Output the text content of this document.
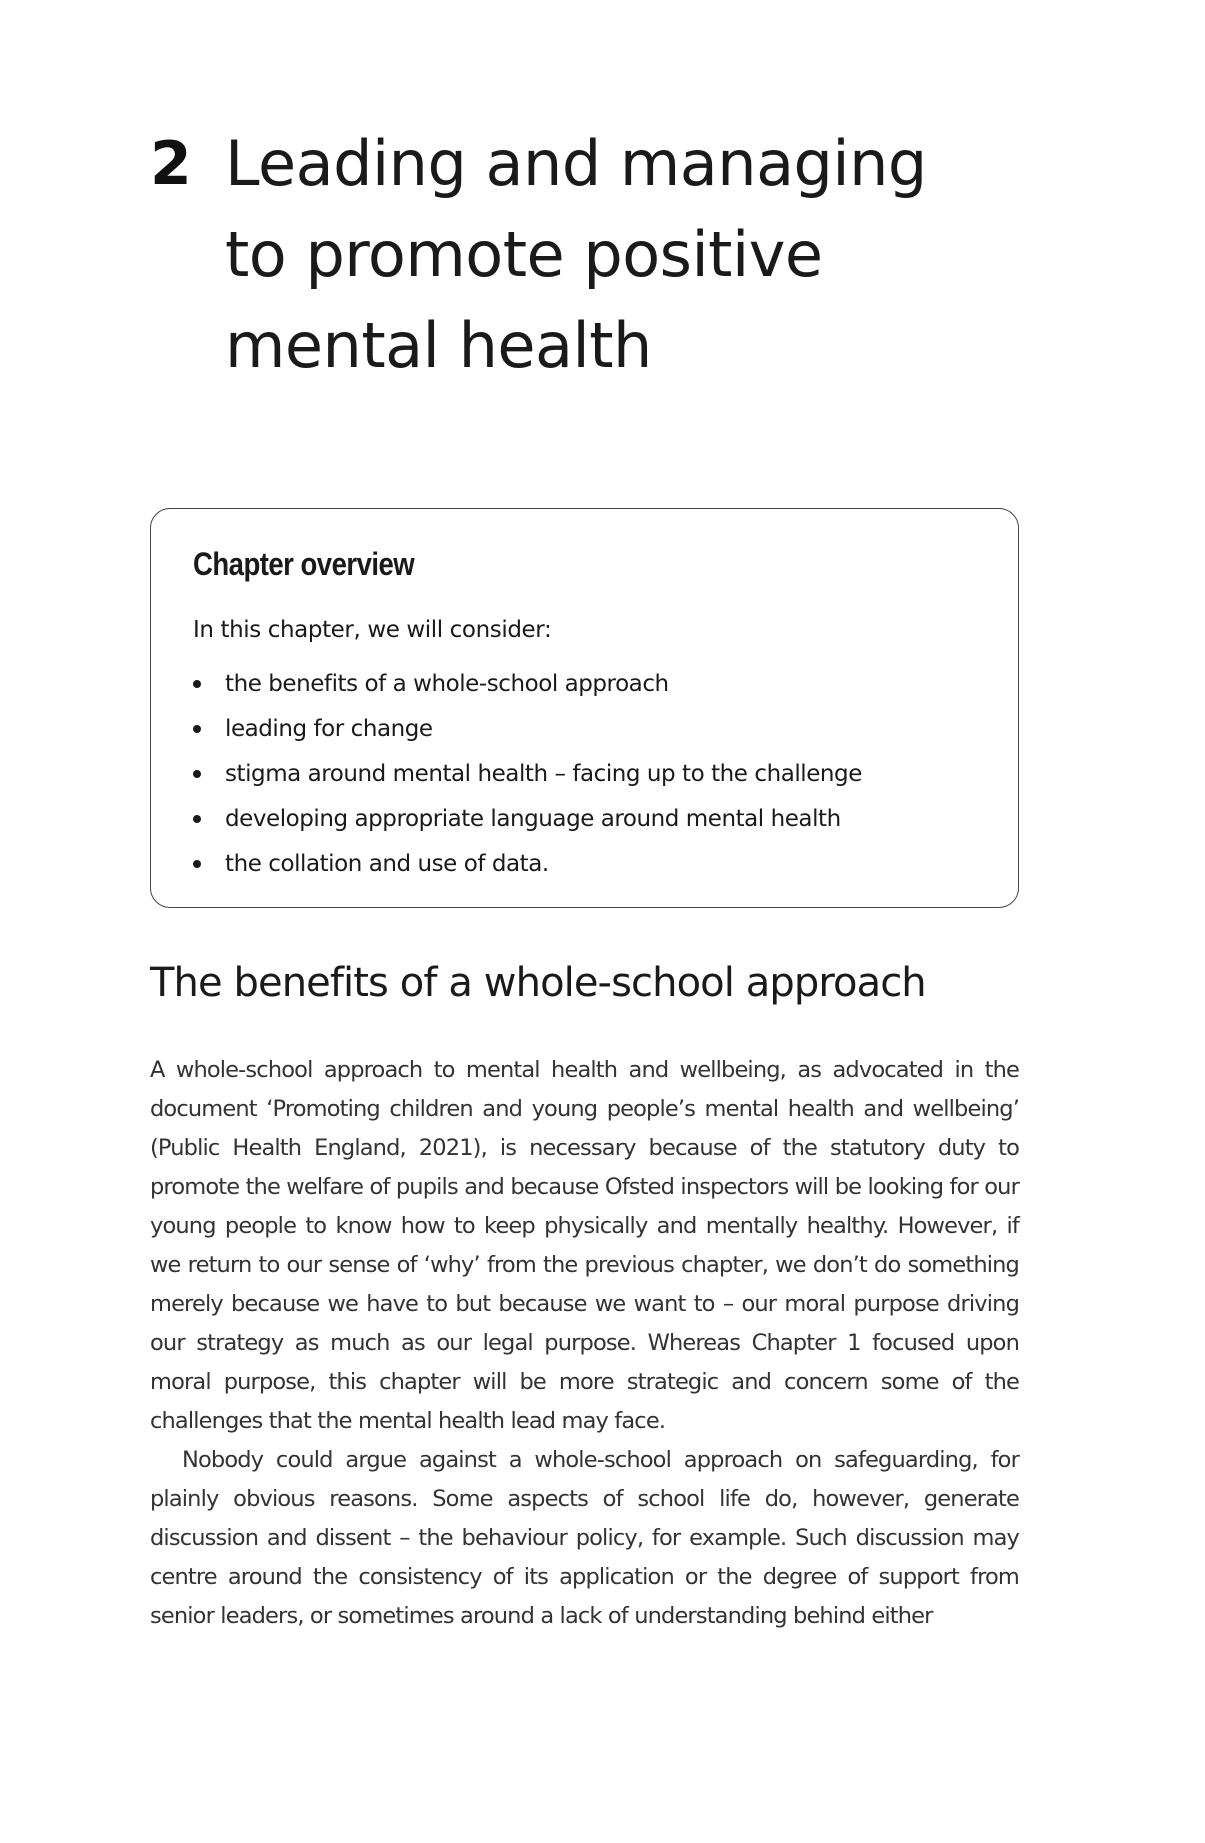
2 Leading and managing
to promote positive
mental health
Chapter overview
In this chapter, we will consider:
the benefits of a whole-school approach
leading for change
stigma around mental health – facing up to the challenge
developing appropriate language around mental health
the collation and use of data.
The benefits of a whole-school approach

A whole-school approach to mental health and wellbeing, as advocated in the document ‘Promoting children and young people’s mental health and wellbeing’ (Public Health England, 2021), is necessary because of the statutory duty to promote the welfare of pupils and because Ofsted inspectors will be looking for our young people to know how to keep physically and mentally healthy. However, if we return to our sense of ‘why’ from the previous chapter, we don’t do something merely because we have to but because we want to – our moral purpose driving our strategy as much as our legal purpose. Whereas Chapter 1 focused upon moral purpose, this chapter will be more strategic and concern some of the challenges that the mental health lead may face.

Nobody could argue against a whole-school approach on safeguarding, for plainly obvious reasons. Some aspects of school life do, however, generate discussion and dissent – the behaviour policy, for example. Such discussion may centre around the consistency of its application or the degree of support from senior leaders, or sometimes around a lack of understanding behind either
